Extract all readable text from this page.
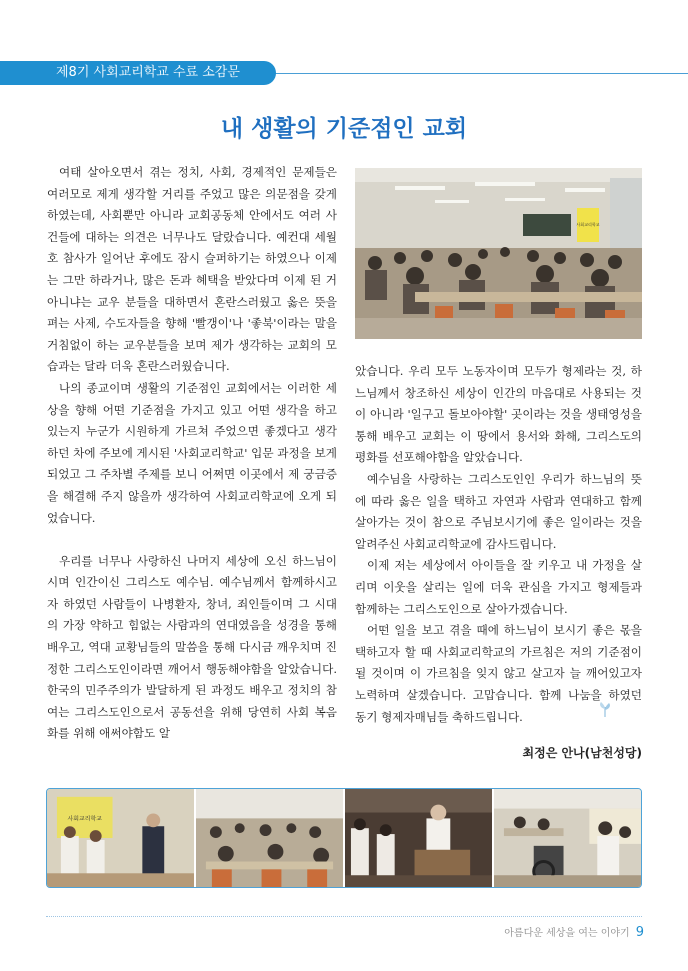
제8기 사회교리학교 수료 소감문
내 생활의 기준점인 교회

여태 살아오면서 겪는 정치, 사회, 경제적인 문제들은 여러모로 제게 생각할 거리를 주었고 많은 의문점을 갖게 하였는데, 사회뿐만 아니라 교회공동체 안에서도 여러 사건들에 대하는 의견은 너무나도 달랐습니다. 예컨대 세월호 참사가 일어난 후에도 잠시 슬퍼하기는 하였으나 이제는 그만 하라거나, 많은 돈과 혜택을 받았다며 이제 된 거 아니냐는 교우 분들을 대하면서 혼란스러웠고 옳은 뜻을 펴는 사제, 수도자들을 향해 '빨갱이'나 '좋북'이라는 말을 거침없이 하는 교우분들을 보며 제가 생각하는 교회의 모습과는 달라 더욱 혼란스러웠습니다.

나의 종교이며 생활의 기준점인 교회에서는 이러한 세상을 향해 어떤 기준점을 가지고 있고 어떤 생각을 하고 있는지 누군가 시원하게 가르쳐 주었으면 좋겠다고 생각하던 차에 주보에 게시된 '사회교리학교' 입문 과정을 보게 되었고 그 주차별 주제를 보니 어쩌면 이곳에서 제 궁금증을 해결해 주지 않을까 생각하여 사회교리학교에 오게 되었습니다.

우리를 너무나 사랑하신 나머지 세상에 오신 하느님이시며 인간이신 그리스도 예수님. 예수님께서 함께하시고자 하였던 사람들이 나병환자, 창녀, 죄인들이며 그 시대의 가장 약하고 힘없는 사람과의 연대였음을 성경을 통해 배우고, 역대 교황님들의 말씀을 통해 다시금 깨우치며 진정한 그리스도인이라면 깨어서 행동해야함을 알았습니다. 한국의 민주주의가 발달하게 된 과정도 배우고 정치의 참여는 그리스도인으로서 공동선을 위해 당연히 사회 복음화를 위해 애써야함도 알

사회교리학교

았습니다. 우리 모두 노동자이며 모두가 형제라는 것, 하느님께서 창조하신 세상이 인간의 마음대로 사용되는 것이 아니라 '일구고 돌보아야할' 곳이라는 것을 생태영성을 통해 배우고 교회는 이 땅에서 용서와 화해, 그리스도의 평화를 선포해야함을 알았습니다.

예수님을 사랑하는 그리스도인인 우리가 하느님의 뜻에 따라 옳은 일을 택하고 자연과 사람과 연대하고 함께 살아가는 것이 참으로 주님보시기에 좋은 일이라는 것을 알려주신 사회교리학교에 감사드립니다.

이제 저는 세상에서 아이들을 잘 키우고 내 가정을 살리며 이웃을 살리는 일에 더욱 관심을 가지고 형제들과 함께하는 그리스도인으로 살아가겠습니다.

어떤 일을 보고 겪을 때에 하느님이 보시기 좋은 몫을 택하고자 할 때 사회교리학교의 가르침은 저의 기준점이 될 것이며 이 가르침을 잊지 않고 살고자 늘 깨어있고자 노력하며 살겠습니다. 고맙습니다. 함께 나눔을 하였던 동기 형제자매님들 축하드립니다.

최정은 안나(남천성당)
사회교리학교
아름다운 세상을 여는 이야기 9
